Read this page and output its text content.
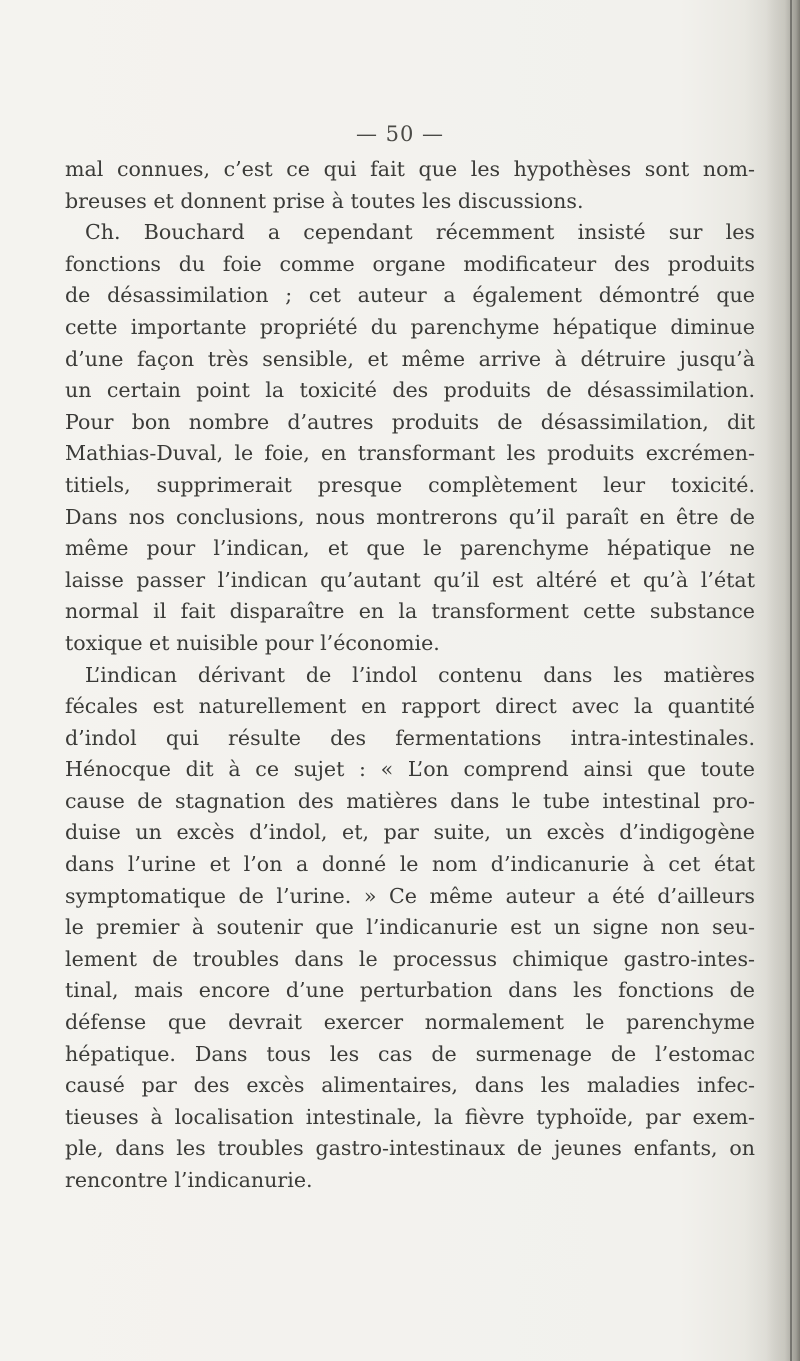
— 50 —
mal connues, c’est ce qui fait que les hypothèses sont nom-
breuses et donnent prise à toutes les discussions.
Ch. Bouchard a cependant récemment insisté sur les
fonctions du foie comme organe modificateur des produits
de désassimilation ; cet auteur a également démontré que
cette importante propriété du parenchyme hépatique diminue
d’une façon très sensible, et même arrive à détruire jusqu’à
un certain point la toxicité des produits de désassimilation.
Pour bon nombre d’autres produits de désassimilation, dit
Mathias-Duval, le foie, en transformant les produits excrémen-
titiels, supprimerait presque complètement leur toxicité.
Dans nos conclusions, nous montrerons qu’il paraît en être de
même pour l’indican, et que le parenchyme hépatique ne
laisse passer l’indican qu’autant qu’il est altéré et qu’à l’état
normal il fait disparaître en la transforment cette substance
toxique et nuisible pour l’économie.
L’indican dérivant de l’indol contenu dans les matières
fécales est naturellement en rapport direct avec la quantité
d’indol qui résulte des fermentations intra-intestinales.
Hénocque dit à ce sujet : « L’on comprend ainsi que toute
cause de stagnation des matières dans le tube intestinal pro-
duise un excès d’indol, et, par suite, un excès d’indigogène
dans l’urine et l’on a donné le nom d’indicanurie à cet état
symptomatique de l’urine. » Ce même auteur a été d’ailleurs
le premier à soutenir que l’indicanurie est un signe non seu-
lement de troubles dans le processus chimique gastro-intes-
tinal, mais encore d’une perturbation dans les fonctions de
défense que devrait exercer normalement le parenchyme
hépatique. Dans tous les cas de surmenage de l’estomac
causé par des excès alimentaires, dans les maladies infec-
tieuses à localisation intestinale, la fièvre typhoïde, par exem-
ple, dans les troubles gastro-intestinaux de jeunes enfants, on
rencontre l’indicanurie.
